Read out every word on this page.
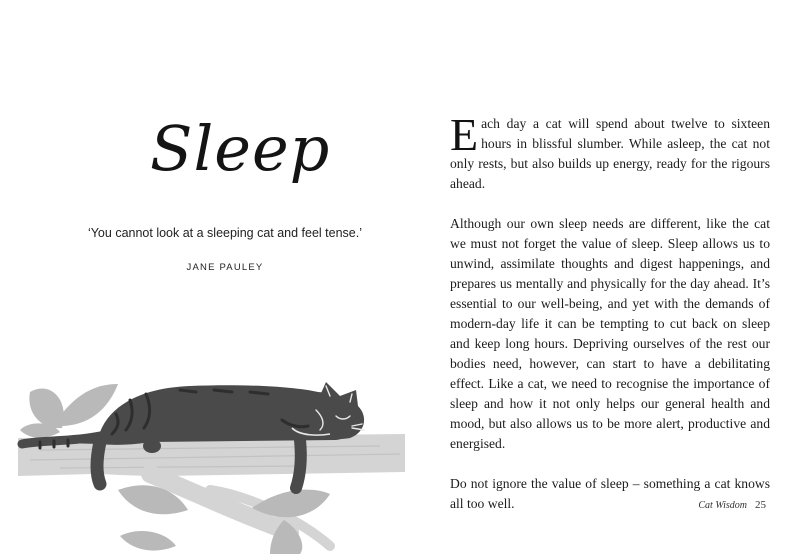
Sleep
‘You cannot look at a sleeping cat and feel tense.’
JANE PAULEY

Each day a cat will spend about twelve to sixteen hours in blissful slumber. While asleep, the cat not only rests, but also builds up energy, ready for the rigours ahead.

Although our own sleep needs are different, like the cat we must not forget the value of sleep. Sleep allows us to unwind, assimilate thoughts and digest happenings, and prepares us mentally and physically for the day ahead. It’s essential to our well-being, and yet with the demands of modern-day life it can be tempting to cut back on sleep and keep long hours. Depriving ourselves of the rest our bodies need, however, can start to have a debilitating effect. Like a cat, we need to recognise the importance of sleep and how it not only helps our general health and mood, but also allows us to be more alert, productive and energised.

Do not ignore the value of sleep – something a cat knows all too well.	Cat Wisdom 25
